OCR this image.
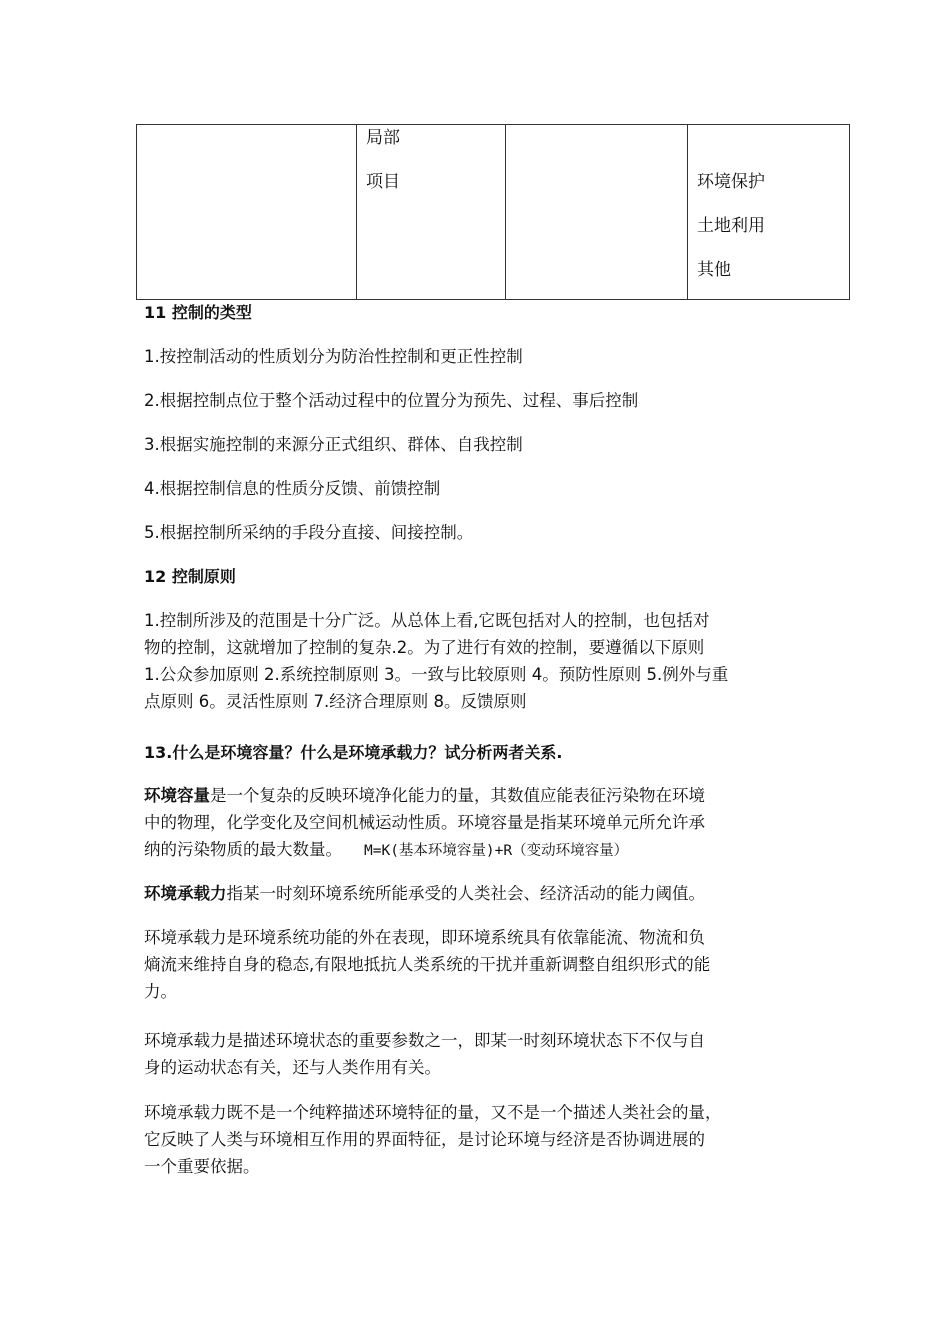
局部
项目	环境保护
土地利用
其他

11 控制的类型

1.按控制活动的性质划分为防治性控制和更正性控制

2.根据控制点位于整个活动过程中的位置分为预先、过程、事后控制

3.根据实施控制的来源分正式组织、群体、自我控制

4.根据控制信息的性质分反馈、前馈控制

5.根据控制所采纳的手段分直接、间接控制。

12 控制原则

1.控制所涉及的范围是十分广泛。从总体上看,它既包括对人的控制，也包括对

物的控制，这就增加了控制的复杂.2。为了进行有效的控制，要遵循以下原则

1.公众参加原则 2.系统控制原则 3。一致与比较原则 4。预防性原则 5.例外与重

点原则 6。灵活性原则 7.经济合理原则 8。反馈原则

13.什么是环境容量？什么是环境承载力？试分析两者关系.

环境容量是一个复杂的反映环境净化能力的量，其数值应能表征污染物在环境

中的物理，化学变化及空间机械运动性质。环境容量是指某环境单元所允许承

纳的污染物质的最大数量。 M=K(基本环境容量)+R（变动环境容量）

环境承载力指某一时刻环境系统所能承受的人类社会、经济活动的能力阈值。

环境承载力是环境系统功能的外在表现，即环境系统具有依靠能流、物流和负

熵流来维持自身的稳态,有限地抵抗人类系统的干扰并重新调整自组织形式的能

力。

环境承载力是描述环境状态的重要参数之一，即某一时刻环境状态下不仅与自

身的运动状态有关，还与人类作用有关。

环境承载力既不是一个纯粹描述环境特征的量，又不是一个描述人类社会的量，

它反映了人类与环境相互作用的界面特征，是讨论环境与经济是否协调进展的

一个重要依据。
